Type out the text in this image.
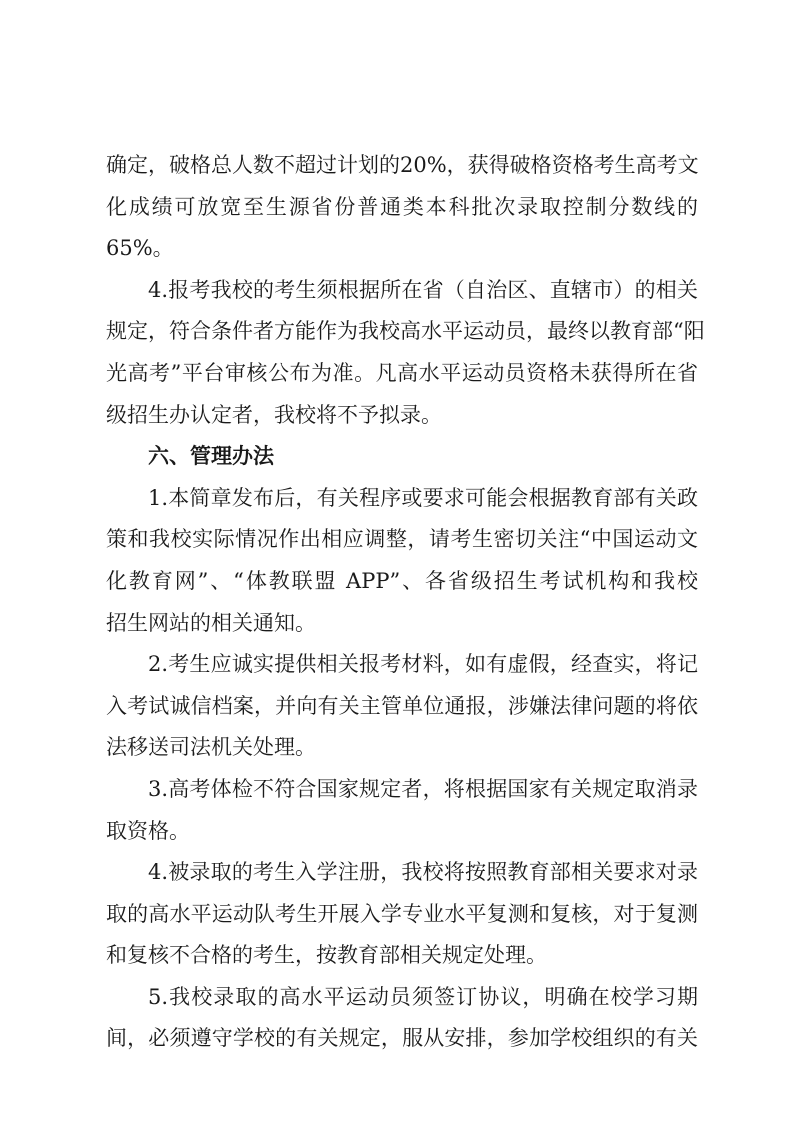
确定，破格总人数不超过计划的20%，获得破格资格考生高考文
化成绩可放宽至生源省份普通类本科批次录取控制分数线的
65%。

4.报考我校的考生须根据所在省（自治区、直辖市）的相关
规定，符合条件者方能作为我校高水平运动员，最终以教育部“阳
光高考”平台审核公布为准。凡高水平运动员资格未获得所在省
级招生办认定者，我校将不予拟录。

六、管理办法

1.本简章发布后，有关程序或要求可能会根据教育部有关政
策和我校实际情况作出相应调整，请考生密切关注“中国运动文
化教育网”、“体教联盟 APP”、各省级招生考试机构和我校
招生网站的相关通知。

2.考生应诚实提供相关报考材料，如有虚假，经查实，将记
入考试诚信档案，并向有关主管单位通报，涉嫌法律问题的将依
法移送司法机关处理。

3.高考体检不符合国家规定者，将根据国家有关规定取消录
取资格。

4.被录取的考生入学注册，我校将按照教育部相关要求对录
取的高水平运动队考生开展入学专业水平复测和复核，对于复测
和复核不合格的考生，按教育部相关规定处理。

5.我校录取的高水平运动员须签订协议，明确在校学习期
间，必须遵守学校的有关规定，服从安排，参加学校组织的有关
